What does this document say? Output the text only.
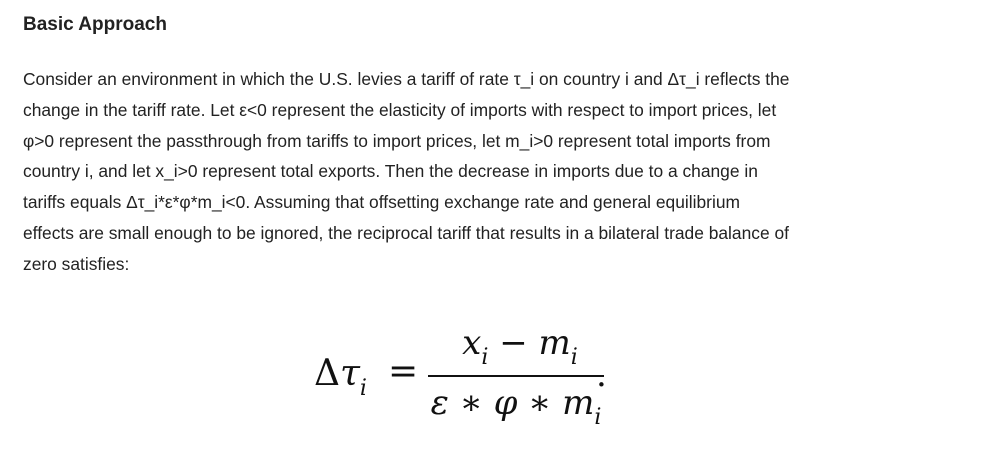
Basic Approach
Consider an environment in which the U.S. levies a tariff of rate τ_i on country i and Δτ_i reflects the
change in the tariff rate. Let ε<0 represent the elasticity of imports with respect to import prices, let
φ>0 represent the passthrough from tariffs to import prices, let m_i>0 represent total imports from
country i, and let x_i>0 represent total exports. Then the decrease in imports due to a change in
tariffs equals Δτ_i*ε*φ*m_i<0. Assuming that offsetting exchange rate and general equilibrium
effects are small enough to be ignored, the reciprocal tariff that results in a bilateral trade balance of
zero satisfies:
$\Delta\tau_i$ =
$x_i - m_i$
ε ∗ φ ∗ $m_i$
.
